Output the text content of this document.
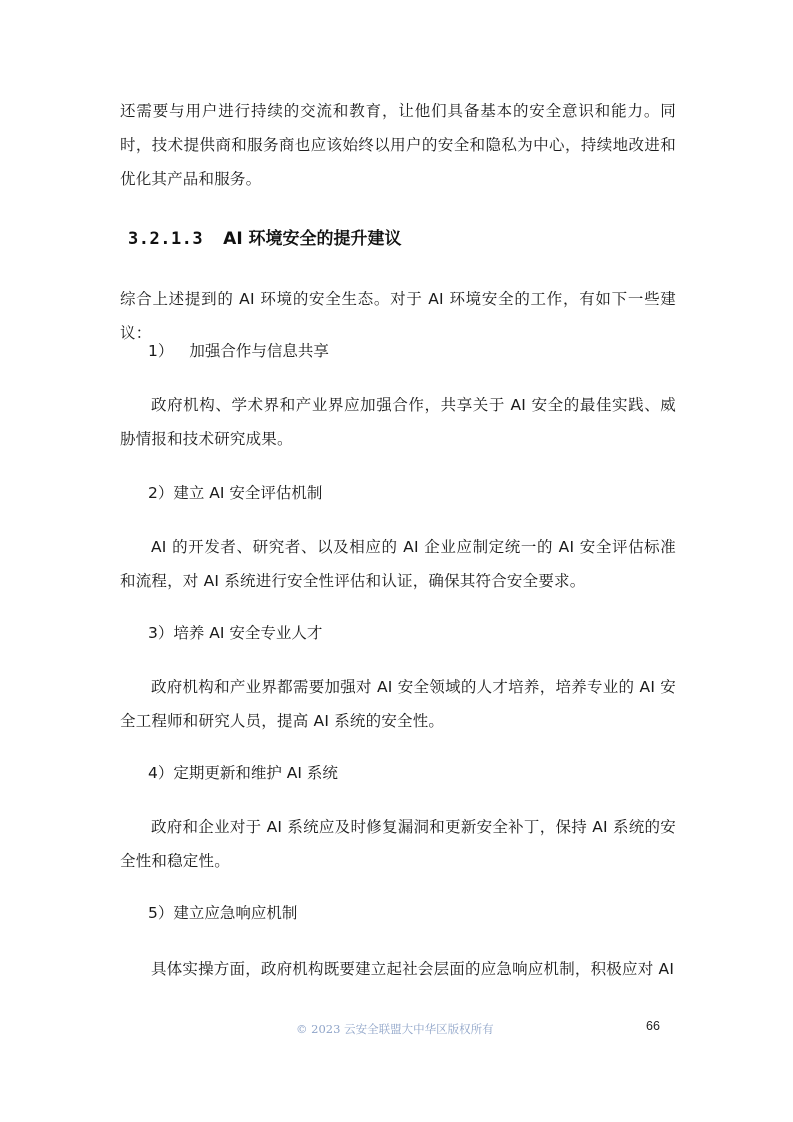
还需要与用户进行持续的交流和教育，让他们具备基本的安全意识和能力。同时，技术提供商和服务商也应该始终以用户的安全和隐私为中心，持续地改进和优化其产品和服务。

3.2.1.3 AI 环境安全的提升建议

综合上述提到的 AI 环境的安全生态。对于 AI 环境安全的工作，有如下一些建议：

1） 加强合作与信息共享

政府机构、学术界和产业界应加强合作，共享关于 AI 安全的最佳实践、威胁情报和技术研究成果。

2）建立 AI 安全评估机制

AI 的开发者、研究者、以及相应的 AI 企业应制定统一的 AI 安全评估标准和流程，对 AI 系统进行安全性评估和认证，确保其符合安全要求。

3）培养 AI 安全专业人才

政府机构和产业界都需要加强对 AI 安全领域的人才培养，培养专业的 AI 安全工程师和研究人员，提高 AI 系统的安全性。

4）定期更新和维护 AI 系统

政府和企业对于 AI 系统应及时修复漏洞和更新安全补丁，保持 AI 系统的安全性和稳定性。

5）建立应急响应机制

具体实操方面，政府机构既要建立起社会层面的应急响应机制，积极应对 AI

© 2023 云安全联盟大中华区版权所有	66
